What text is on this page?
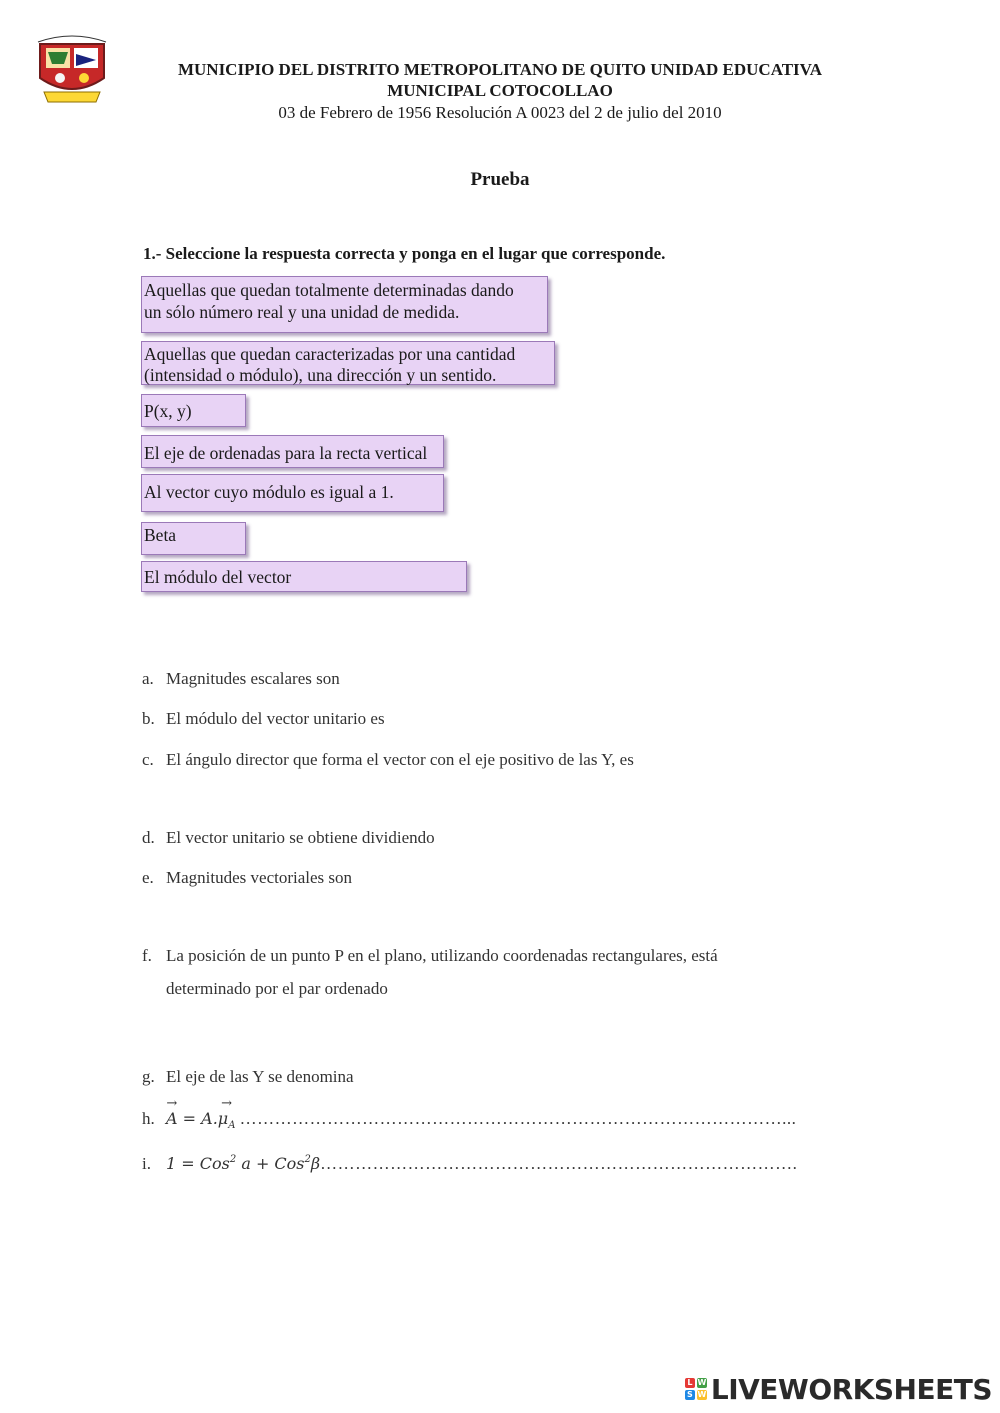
MUNICIPIO DEL DISTRITO METROPOLITANO DE QUITO UNIDAD EDUCATIVA
MUNICIPAL COTOCOLLAO
03 de Febrero de 1956 Resolución A 0023 del 2 de julio del 2010
Prueba
1.- Seleccione la respuesta correcta y ponga en el lugar que corresponde.
Aquellas que quedan totalmente determinadas dando
un sólo número real y una unidad de medida.
Aquellas que quedan caracterizadas por una cantidad
(intensidad o módulo), una dirección y un sentido.
P(x, y)
El eje de ordenadas para la recta vertical
Al vector cuyo módulo es igual a 1.
Beta
El módulo del vector
a. Magnitudes escalares son
b. El módulo del vector unitario es
c. El ángulo director que forma el vector con el eje positivo de las Y, es
d. El vector unitario se obtiene dividiendo
e. Magnitudes vectoriales son
f. La posición de un punto P en el plano, utilizando coordenadas rectangulares, está
determinado por el par ordenado
g. El eje de las Y se denomina
$h.\to A = A.\to \mu_A$ …………………………………………………………………………………...
i. 1 = Cos$^2$ a + Cos$^2$β……………………………………………………………………….
L W
S W LIVEWORKSHEETS
